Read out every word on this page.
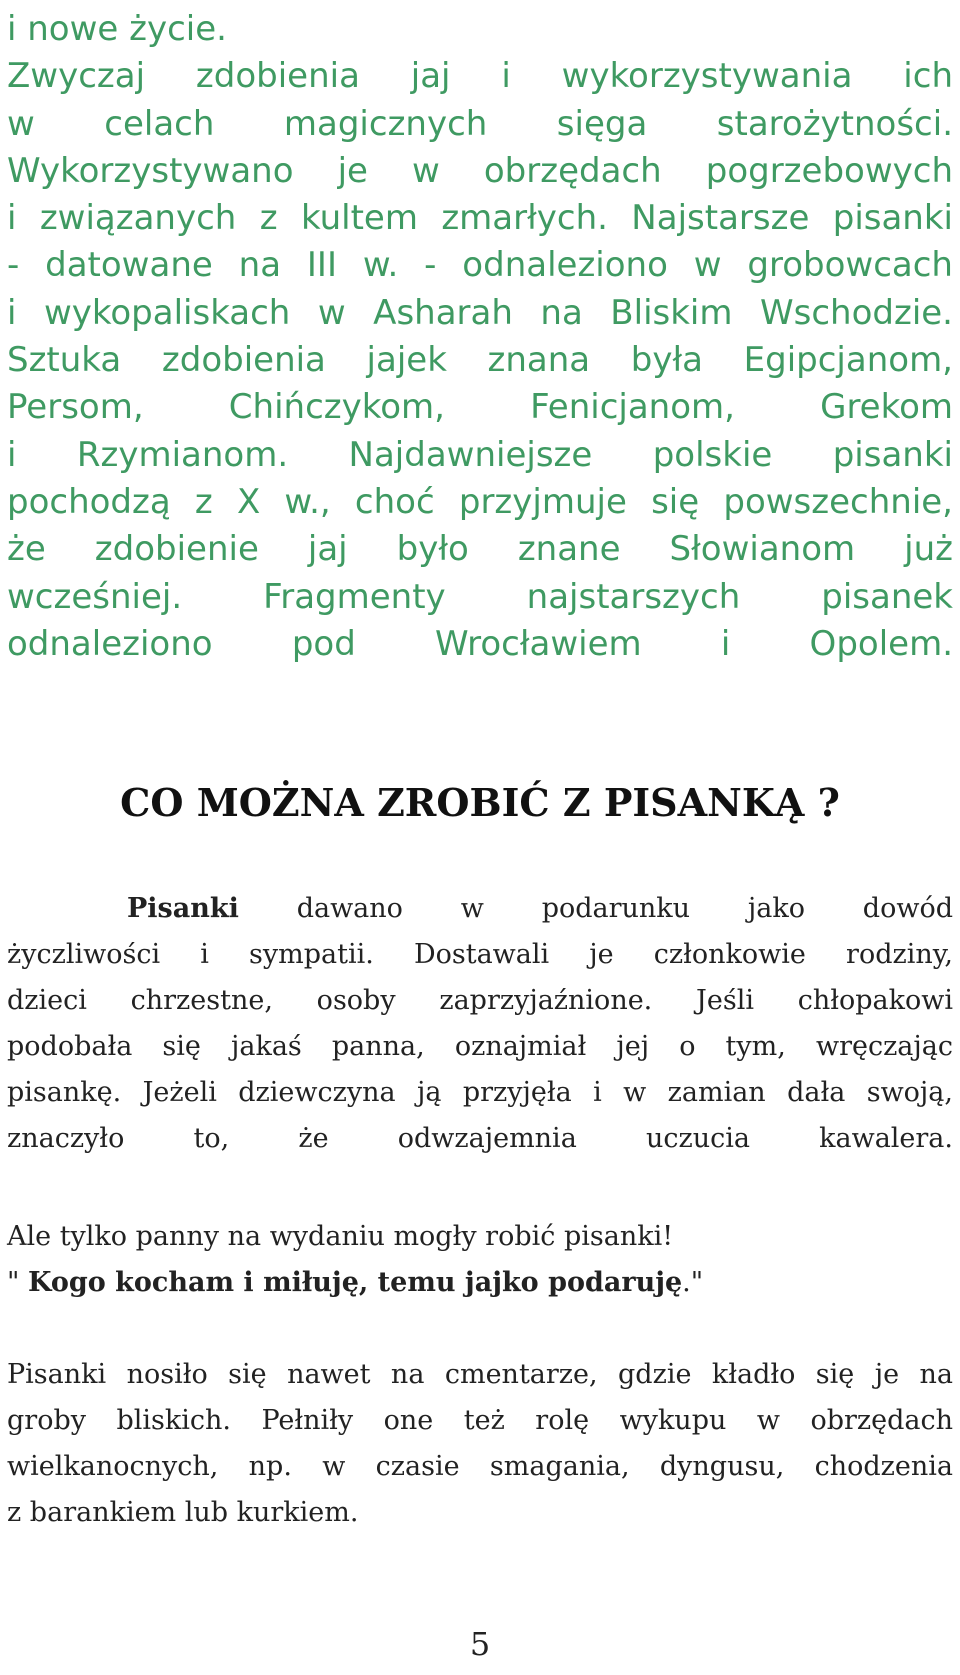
i nowe życie.
Zwyczaj zdobienia jaj i wykorzystywania ich
w celach magicznych sięga starożytności.
Wykorzystywano je w obrzędach pogrzebowych
i związanych z kultem zmarłych. Najstarsze pisanki
- datowane na III w. - odnaleziono w grobowcach
i wykopaliskach w Asharah na Bliskim Wschodzie.
Sztuka zdobienia jajek znana była Egipcjanom,
Persom, Chińczykom, Fenicjanom, Grekom
i Rzymianom. Najdawniejsze polskie pisanki
pochodzą z X w., choć przyjmuje się powszechnie,
że zdobienie jaj było znane Słowianom już
wcześniej. Fragmenty najstarszych pisanek
odnaleziono pod Wrocławiem i Opolem.
CO MOŻNA ZROBIĆ Z PISANKĄ ?
Pisanki dawano w podarunku jako dowód
życzliwości i sympatii. Dostawali je członkowie rodziny,
dzieci chrzestne, osoby zaprzyjaźnione. Jeśli chłopakowi
podobała się jakaś panna, oznajmiał jej o tym, wręczając
pisankę. Jeżeli dziewczyna ją przyjęła i w zamian dała swoją,
znaczyło to, że odwzajemnia uczucia kawalera.
Ale tylko panny na wydaniu mogły robić pisanki!
" Kogo kocham i miłuję, temu jajko podaruję."
Pisanki nosiło się nawet na cmentarze, gdzie kładło się je na
groby bliskich. Pełniły one też rolę wykupu w obrzędach
wielkanocnych, np. w czasie smagania, dyngusu, chodzenia
z barankiem lub kurkiem.
5
